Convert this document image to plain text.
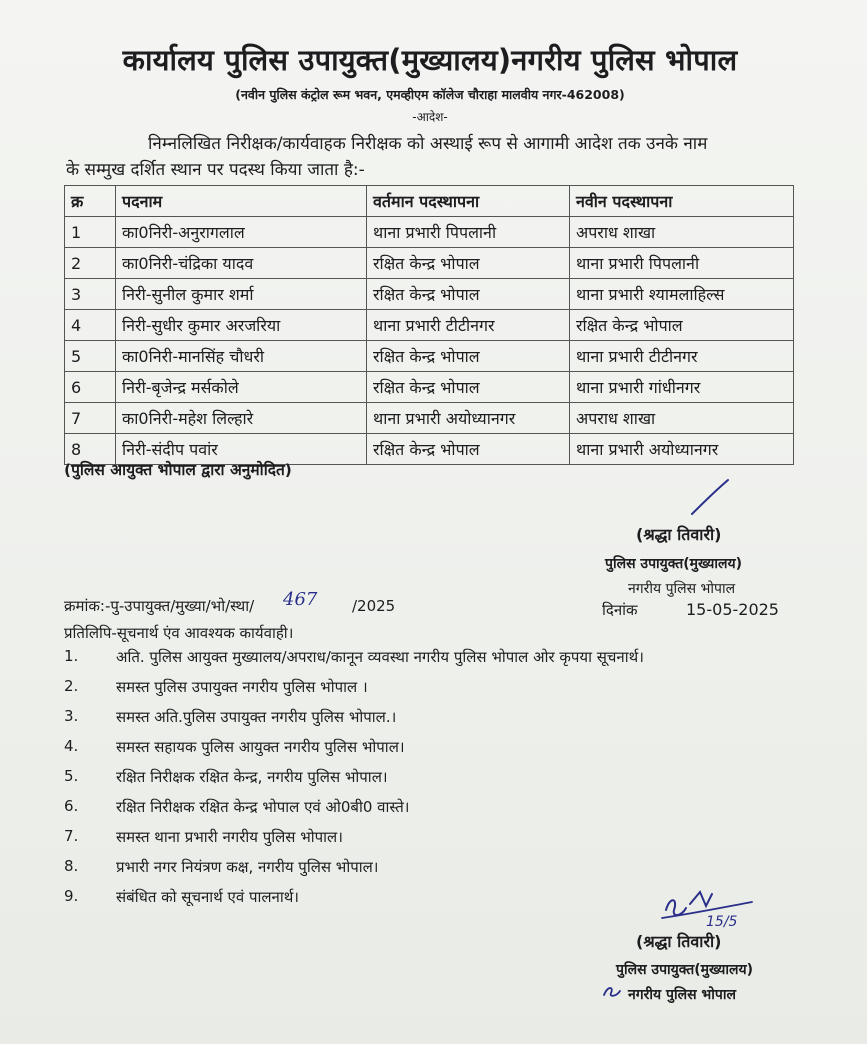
कार्यालय पुलिस उपायुक्त(मुख्यालय)नगरीय पुलिस भोपाल
(नवीन पुलिस कंट्रोल रूम भवन, एमव्हीएम कॉलेज चौराहा मालवीय नगर-462008)
-आदेश-
निम्नलिखित निरीक्षक/कार्यवाहक निरीक्षक को अस्थाई रूप से आगामी आदेश तक उनके नाम
के सम्मुख दर्शित स्थान पर पदस्थ किया जाता है:-
क्र	पदनाम	वर्तमान पदस्थापना	नवीन पदस्थापना
1	का0निरी-अनुरागलाल	थाना प्रभारी पिपलानी	अपराध शाखा
2	का0निरी-चंद्रिका यादव	रक्षित केन्द्र भोपाल	थाना प्रभारी पिपलानी
3	निरी-सुनील कुमार शर्मा	रक्षित केन्द्र भोपाल	थाना प्रभारी श्यामलाहिल्स
4	निरी-सुधीर कुमार अरजरिया	थाना प्रभारी टीटीनगर	रक्षित केन्द्र भोपाल
5	का0निरी-मानसिंह चौधरी	रक्षित केन्द्र भोपाल	थाना प्रभारी टीटीनगर
6	निरी-बृजेन्द्र मर्सकोले	रक्षित केन्द्र भोपाल	थाना प्रभारी गांधीनगर
7	का0निरी-महेश लिल्हारे	थाना प्रभारी अयोध्यानगर	अपराध शाखा
8	निरी-संदीप पवांर	रक्षित केन्द्र भोपाल	थाना प्रभारी अयोध्यानगर
(पुलिस आयुक्त भोपाल द्वारा अनुमोदित)
(श्रद्धा तिवारी)
पुलिस उपायुक्त(मुख्यालय)
नगरीय पुलिस भोपाल
क्रमांक:-पु-उपायुक्त/मुख्या/भो/स्था/ 467 /2025	दिनांक	15-05-2025
प्रतिलिपि-सूचनार्थ एंव आवश्यक कार्यवाही।
1.	अति. पुलिस आयुक्त मुख्यालय/अपराध/कानून व्यवस्था नगरीय पुलिस भोपाल ओर कृपया सूचनार्थ।
2.	समस्त पुलिस उपायुक्त नगरीय पुलिस भोपाल ।
3.	समस्त अति.पुलिस उपायुक्त नगरीय पुलिस भोपाल.।
4.	समस्त सहायक पुलिस आयुक्त नगरीय पुलिस भोपाल।
5.	रक्षित निरीक्षक रक्षित केन्द्र, नगरीय पुलिस भोपाल।
6.	रक्षित निरीक्षक रक्षित केन्द्र भोपाल एवं ओ0बी0 वास्ते।
7.	समस्त थाना प्रभारी नगरीय पुलिस भोपाल।
8.	प्रभारी नगर नियंत्रण कक्ष, नगरीय पुलिस भोपाल।
9.	संबंधित को सूचनार्थ एवं पालनार्थ।
15/5
(श्रद्धा तिवारी)
पुलिस उपायुक्त(मुख्यालय)
नगरीय पुलिस भोपाल
